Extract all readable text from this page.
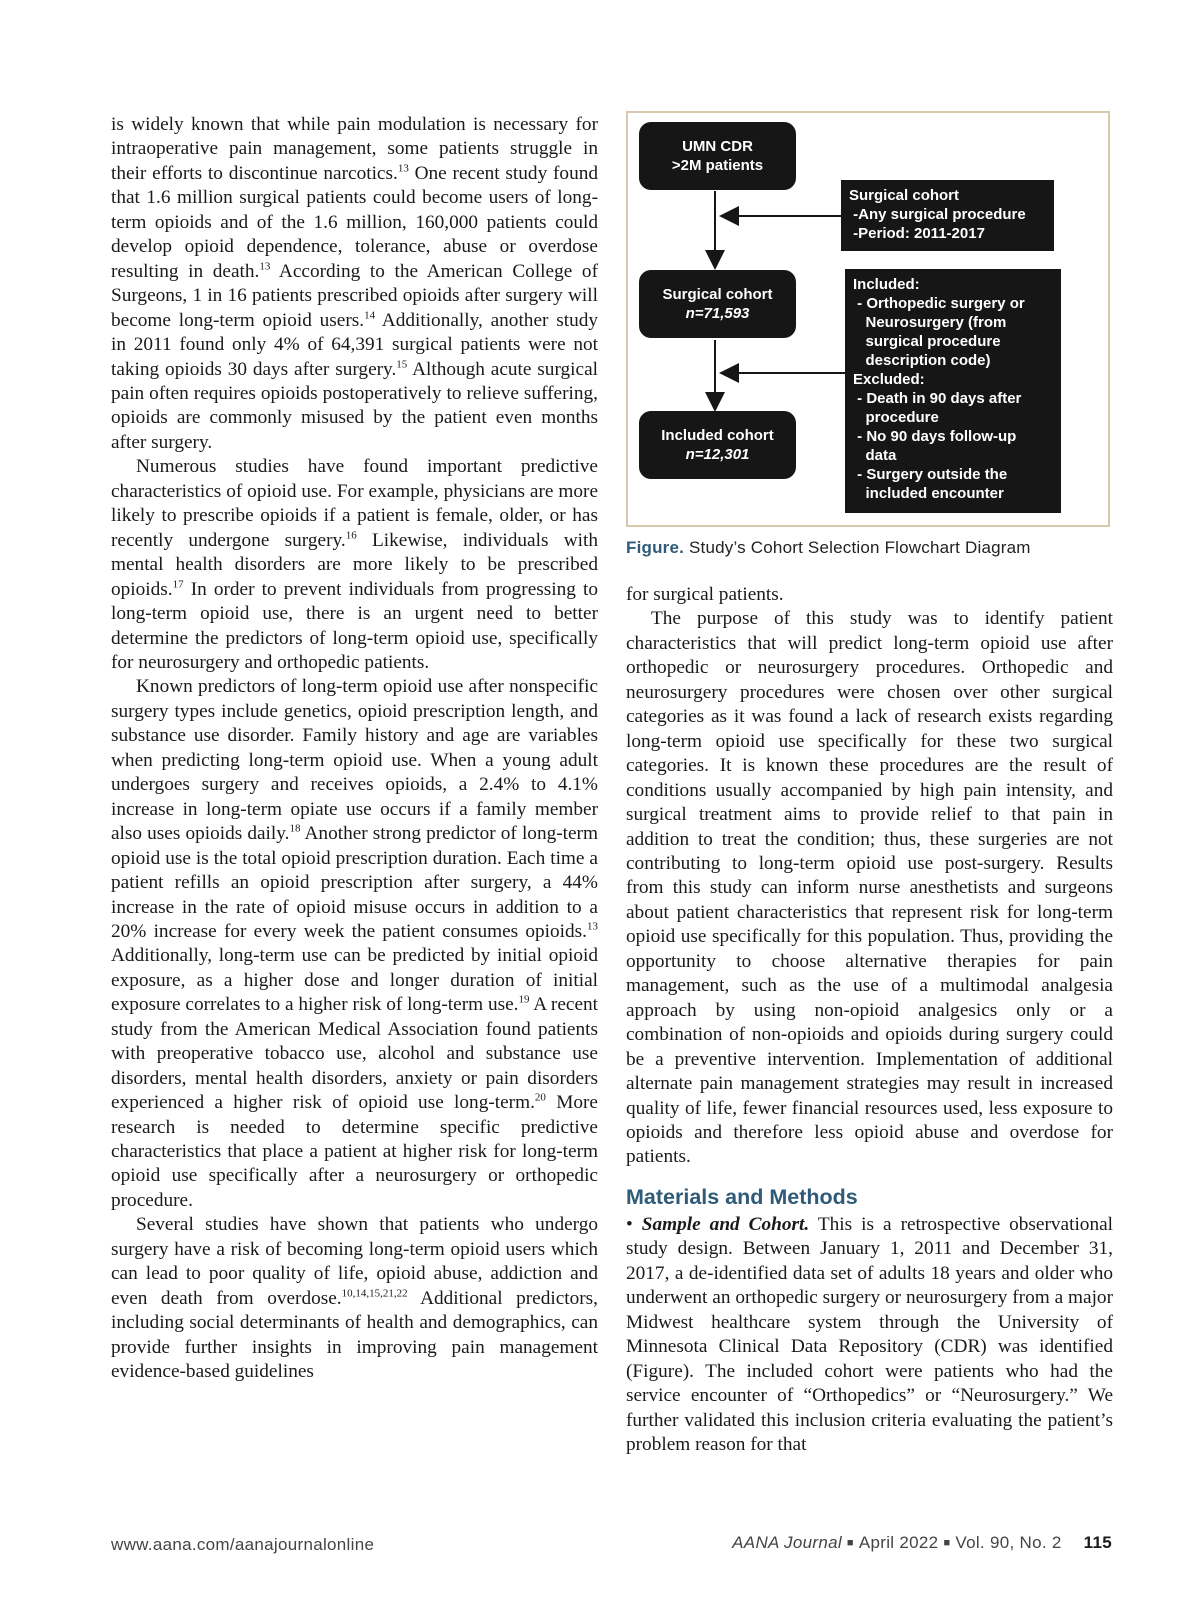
is widely known that while pain modulation is necessary for intraoperative pain management, some patients struggle in their efforts to discontinue narcotics.$^{13}$ One recent study found that 1.6 million surgical patients could become users of long-term opioids and of the 1.6 million, 160,000 patients could develop opioid dependence, tolerance, abuse or overdose resulting in death.$^{13}$ According to the American College of Surgeons, 1 in 16 patients prescribed opioids after surgery will become long-term opioid users.$^{14}$ Additionally, another study in 2011 found only 4% of 64,391 surgical patients were not taking opioids 30 days after surgery.$^{15}$ Although acute surgical pain often requires opioids postoperatively to relieve suffering, opioids are commonly misused by the patient even months after surgery.

Numerous studies have found important predictive characteristics of opioid use. For example, physicians are more likely to prescribe opioids if a patient is female, older, or has recently undergone surgery.$^{16}$ Likewise, individuals with mental health disorders are more likely to be prescribed opioids.$^{17}$ In order to prevent individuals from progressing to long-term opioid use, there is an urgent need to better determine the predictors of long-term opioid use, specifically for neurosurgery and orthopedic patients.

Known predictors of long-term opioid use after nonspecific surgery types include genetics, opioid prescription length, and substance use disorder. Family history and age are variables when predicting long-term opioid use. When a young adult undergoes surgery and receives opioids, a 2.4% to 4.1% increase in long-term opiate use occurs if a family member also uses opioids daily.$^{18}$ Another strong predictor of long-term opioid use is the total opioid prescription duration. Each time a patient refills an opioid prescription after surgery, a 44% increase in the rate of opioid misuse occurs in addition to a 20% increase for every week the patient consumes opioids.$^{13}$ Additionally, long-term use can be predicted by initial opioid exposure, as a higher dose and longer duration of initial exposure correlates to a higher risk of long-term use.$^{19}$ A recent study from the American Medical Association found patients with preoperative tobacco use, alcohol and substance use disorders, mental health disorders, anxiety or pain disorders experienced a higher risk of opioid use long-term.$^{20}$ More research is needed to determine specific predictive characteristics that place a patient at higher risk for long-term opioid use specifically after a neurosurgery or orthopedic procedure.

Several studies have shown that patients who undergo surgery have a risk of becoming long-term opioid users which can lead to poor quality of life, opioid abuse, addiction and even death from overdose.$^{10,14,15,21,22}$ Additional predictors, including social determinants of health and demographics, can provide further insights in improving pain management evidence-based guidelines

UMN CDR
>2M patients
Surgical cohort
n=71,593
Included cohort
n=12,301
Surgical cohort
-Any surgical procedure
-Period: 2011-2017
Included:
- Orthopedic surgery or
Neurosurgery (from
surgical procedure
description code)
Excluded:
- Death in 90 days after
procedure
- No 90 days follow-up
data
- Surgery outside the
included encounter
Figure. Study’s Cohort Selection Flowchart Diagram

for surgical patients.

The purpose of this study was to identify patient characteristics that will predict long-term opioid use after orthopedic or neurosurgery procedures. Orthopedic and neurosurgery procedures were chosen over other surgical categories as it was found a lack of research exists regarding long-term opioid use specifically for these two surgical categories. It is known these procedures are the result of conditions usually accompanied by high pain intensity, and surgical treatment aims to provide relief to that pain in addition to treat the condition; thus, these surgeries are not contributing to long-term opioid use post-surgery. Results from this study can inform nurse anesthetists and surgeons about patient characteristics that represent risk for long-term opioid use specifically for this population. Thus, providing the opportunity to choose alternative therapies for pain management, such as the use of a multimodal analgesia approach by using non-opioid analgesics only or a combination of non-opioids and opioids during surgery could be a preventive intervention. Implementation of additional alternate pain management strategies may result in increased quality of life, fewer financial resources used, less exposure to opioids and therefore less opioid abuse and overdose for patients.

Materials and Methods

• Sample and Cohort. This is a retrospective observational study design. Between January 1, 2011 and December 31, 2017, a de-identified data set of adults 18 years and older who underwent an orthopedic surgery or neurosurgery from a major Midwest healthcare system through the University of Minnesota Clinical Data Repository (CDR) was identified (Figure). The included cohort were patients who had the service encounter of “Orthopedics” or “Neurosurgery.” We further validated this inclusion criteria evaluating the patient’s problem reason for that

www.aana.com/aanajournalonline	AANA Journal ■ April 2022 ■ Vol. 90, No. 2 115
